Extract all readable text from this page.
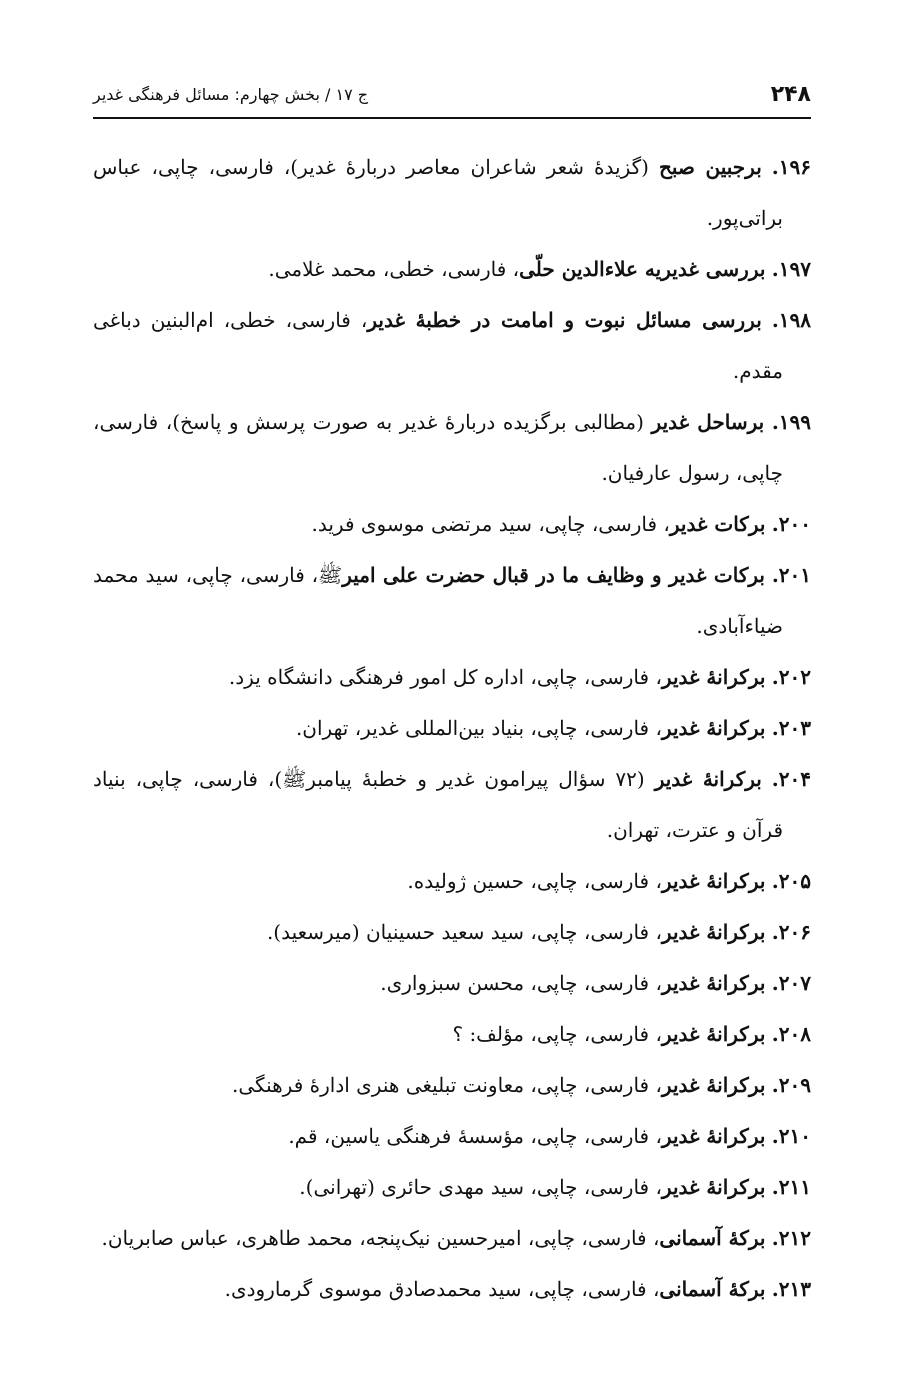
۲۴۸
ج ۱۷ / بخش چهارم: مسائل فرهنگی غدیر
۱۹۶. برجبین صبح (گزیدهٔ شعر شاعران معاصر دربارهٔ غدیر)، فارسی، چاپی، عباس براتی‌پور.
۱۹۷. بررسی غدیریه علاءالدین حلّی، فارسی، خطی، محمد غلامی.
۱۹۸. بررسی مسائل نبوت و امامت در خطبهٔ غدیر، فارسی، خطی، ام‌البنین دباغی مقدم.
۱۹۹. برساحل غدیر (مطالبی برگزیده دربارهٔ غدیر به صورت پرسش و پاسخ)، فارسی، چاپی، رسول عارفیان.
۲۰۰. برکات غدیر، فارسی، چاپی، سید مرتضی موسوی فرید.
۲۰۱. برکات غدیر و وظایف ما در قبال حضرت علی امیرﷺ، فارسی، چاپی، سید محمد ضیاءآبادی.
۲۰۲. برکرانهٔ غدیر، فارسی، چاپی، اداره کل امور فرهنگی دانشگاه یزد.
۲۰۳. برکرانهٔ غدیر، فارسی، چاپی، بنیاد بین‌المللی غدیر، تهران.
۲۰۴. برکرانهٔ غدیر (۷۲ سؤال پیرامون غدیر و خطبهٔ پیامبرﷺ)، فارسی، چاپی، بنیاد قرآن و عترت، تهران.
۲۰۵. برکرانهٔ غدیر، فارسی، چاپی، حسین ژولیده.
۲۰۶. برکرانهٔ غدیر، فارسی، چاپی، سید سعید حسینیان (میرسعید).
۲۰۷. برکرانهٔ غدیر، فارسی، چاپی، محسن سبزواری.
۲۰۸. برکرانهٔ غدیر، فارسی، چاپی، مؤلف: ؟
۲۰۹. برکرانهٔ غدیر، فارسی، چاپی، معاونت تبلیغی هنری ادارهٔ فرهنگی.
۲۱۰. برکرانهٔ غدیر، فارسی، چاپی، مؤسسهٔ فرهنگی یاسین، قم.
۲۱۱. برکرانهٔ غدیر، فارسی، چاپی، سید مهدی حائری (تهرانی).
۲۱۲. برکهٔ آسمانی، فارسی، چاپی، امیرحسین نیک‌پنجه، محمد طاهری، عباس صابریان.
۲۱۳. برکهٔ آسمانی، فارسی، چاپی، سید محمدصادق موسوی گرمارودی.
